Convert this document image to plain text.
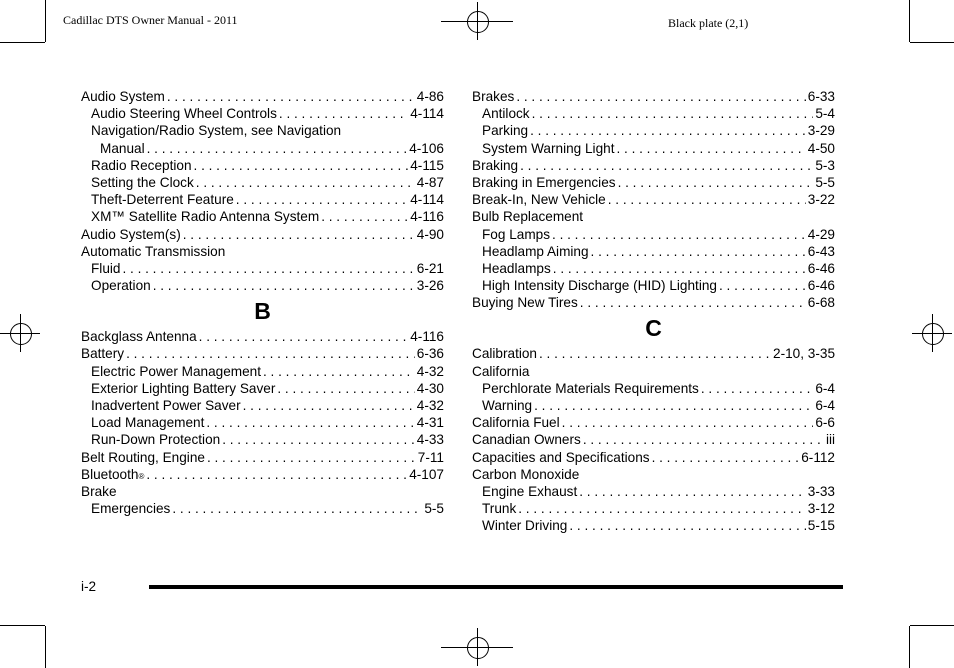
Cadillac DTS Owner Manual - 2011	Black plate (2,1)
Audio System . . .	4-86
Audio Steering Wheel Controls . . .	4-114
Navigation/Radio System, see Navigation
Manual . . .	4-106
Radio Reception . . .	4-115
Setting the Clock . . .	4-87
Theft-Deterrent Feature . . .	4-114
XM™ Satellite Radio Antenna System . . .	4-116
Audio System(s) . . .	4-90
Automatic Transmission
Fluid . . .	6-21
Operation . . .	3-26
B
Backglass Antenna . . .	4-116
Battery . . .	6-36
Electric Power Management . . .	4-32
Exterior Lighting Battery Saver . . .	4-30
Inadvertent Power Saver . . .	4-32
Load Management . . .	4-31
Run-Down Protection . . .	4-33
Belt Routing, Engine . . .	7-11
Bluetooth ® . . .	4-107
Brake
Emergencies . . .	5-5
Brakes . . .	6-33
Antilock . . .	5-4
Parking . . .	3-29
System Warning Light . . .	4-50
Braking . . .	5-3
Braking in Emergencies . . .	5-5
Break-In, New Vehicle . . .	3-22
Bulb Replacement
Fog Lamps . . .	4-29
Headlamp Aiming . . .	6-43
Headlamps . . .	6-46
High Intensity Discharge (HID) Lighting . . .	6-46
Buying New Tires . . .	6-68
C
Calibration . . .	2-10, 3-35
California
Perchlorate Materials Requirements . . .	6-4
Warning . . .	6-4
California Fuel . . .	6-6
Canadian Owners . . .	iii
Capacities and Specifications . . .	6-112
Carbon Monoxide
Engine Exhaust . . .	3-33
Trunk . . .	3-12
Winter Driving . . .	5-15
i-2
